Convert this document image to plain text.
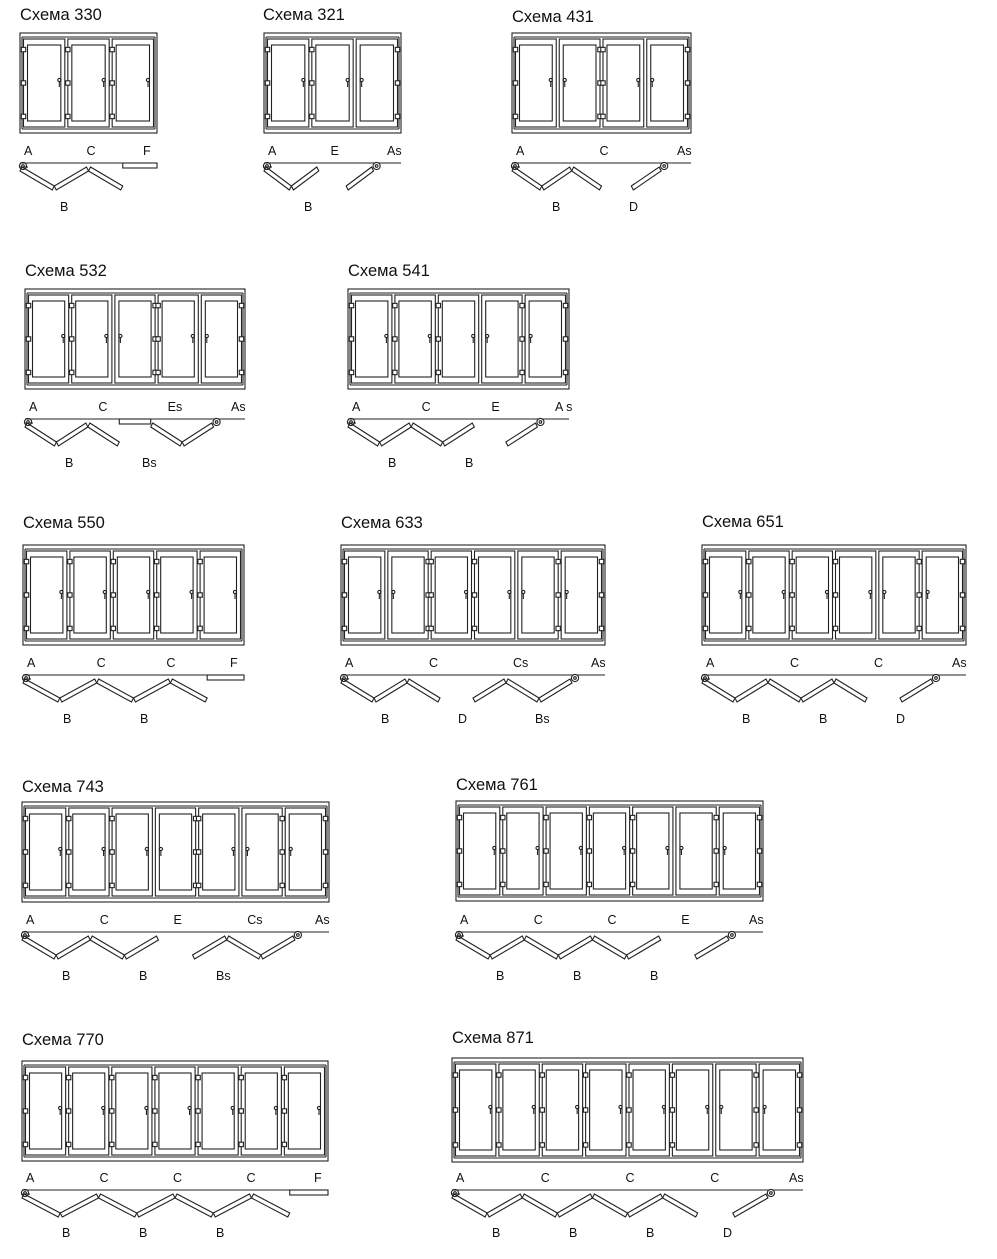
Схема 330
A	C	F
B
Схема 321
A	E	As
B
Схема 431
A	C	As
B	D
Схема 532
A	C	Es	As
B	Bs
Схема 541
A	C	E	A s
B	B
Схема 550
A	C	C	F
B	B
Схема 633
A	C	Cs	As
B	D	Bs
Схема 651
A	C	C	As
B	B	D
Схема 743
A	C	E	Cs	As
B	B	Bs
Схема 761
A	C	C	E	As
B	B	B
Схема 770
A	C	C	C	F
B	B	B
Схема 871
A	C	C	C	As
B	B	B	D
